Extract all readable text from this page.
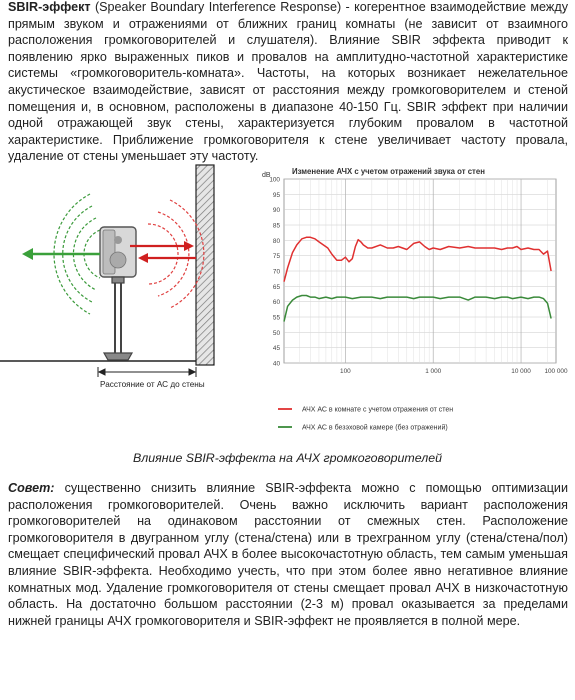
SBIR-эффект (Speaker Boundary Interference Response) - когерентное взаимодействие между прямым звуком и отражениями от ближних границ комнаты (не зависит от взаимного расположения громкоговорителей и слушателя). Влияние SBIR эффекта приводит к появлению ярко выраженных пиков и провалов на амплитудно-частотной характеристике системы «громкоговоритель-комната». Частоты, на которых возникает нежелательное акустическое взаимодействие, зависят от расстояния между громкоговорителем и стеной помещения и, в основном, расположены в диапазоне 40-150 Гц. SBIR эффект при наличии одной отражающей звук стены, характеризуется глубоким провалом в частотной характеристике. Приближение громкоговорителя к стене увеличивает частоту провала, удаление от стены уменьшает эту частоту.
Расстояние от АС до стены
Изменение АЧХ с учетом отражений звука от стен
dB
40
45
50
55
60
65
70
75
80
85
90
95
100
100	1 000	10 000 100 000
АЧХ АС в комнате с учетом отражения от стен
АЧХ АС в безэховой камере (без отражений)
Влияние SBIR-эффекта на АЧХ громкоговорителей
Совет: существенно снизить влияние SBIR-эффекта можно с помощью оптимизации расположения громкоговорителей. Очень важно исключить вариант расположения громкоговорителей на одинаковом расстоянии от смежных стен. Расположение громкоговорителя в двугранном углу (стена/стена) или в трехгранном углу (стена/стена/пол) смещает специфический провал АЧХ в более высокочастотную область, тем самым уменьшая влияние SBIR-эффекта. Необходимо учесть, что при этом более явно негативное влияние комнатных мод. Удаление громкоговорителя от стены смещает провал АЧХ в низкочастотную область. На достаточно большом расстоянии (2-3 м) провал оказывается за пределами нижней границы АЧХ громкоговорителя и SBIR-эффект не проявляется в полной мере.
